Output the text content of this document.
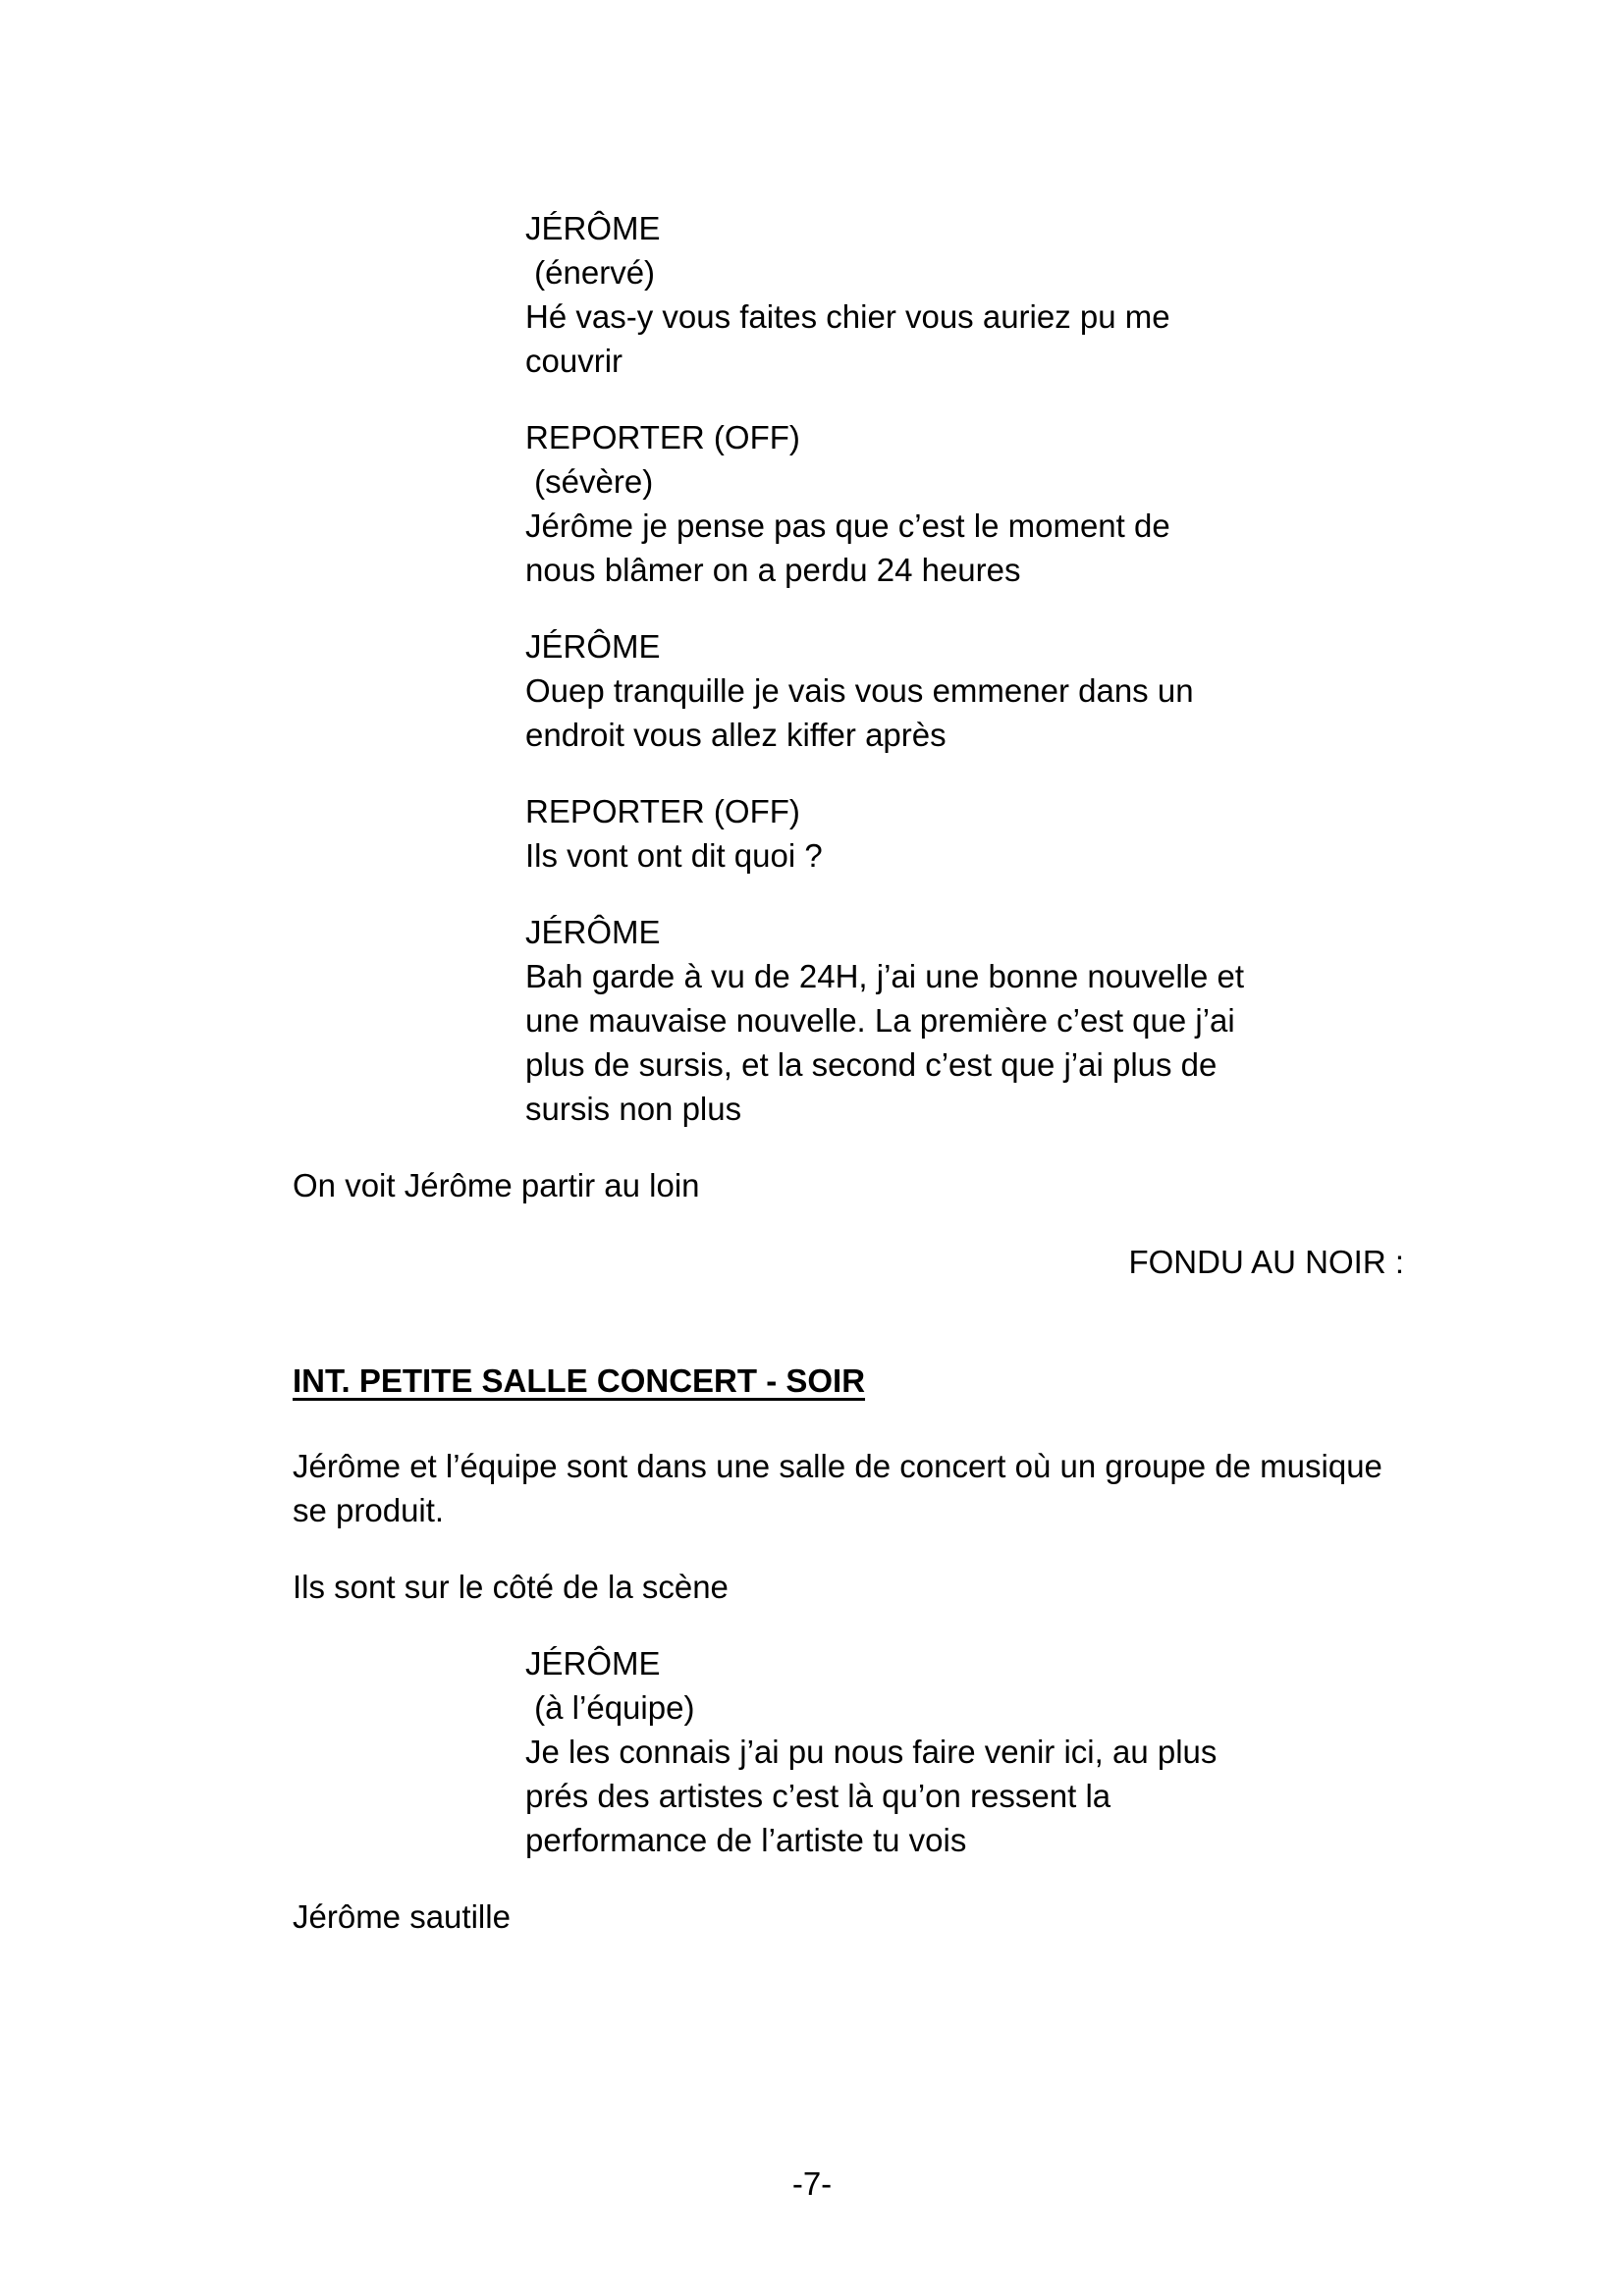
JÉRÔME
(énervé)
Hé vas-y vous faites chier vous auriez pu me
couvrir
REPORTER (OFF)
(sévère)
Jérôme je pense pas que c’est le moment de
nous blâmer on a perdu 24 heures
JÉRÔME
Ouep tranquille je vais vous emmener dans un
endroit vous allez kiffer après
REPORTER (OFF)
Ils vont ont dit quoi ?
JÉRÔME
Bah garde à vu de 24H, j’ai une bonne nouvelle et
une mauvaise nouvelle. La première c’est que j’ai
plus de sursis, et la second c’est que j’ai plus de
sursis non plus
On voit Jérôme partir au loin
FONDU AU NOIR :
INT. PETITE SALLE CONCERT - SOIR
Jérôme et l’équipe sont dans une salle de concert où un groupe de musique
se produit.
Ils sont sur le côté de la scène
JÉRÔME
(à l’équipe)
Je les connais j’ai pu nous faire venir ici, au plus
prés des artistes c’est là qu’on ressent la
performance de l’artiste tu vois
Jérôme sautille
-7-
